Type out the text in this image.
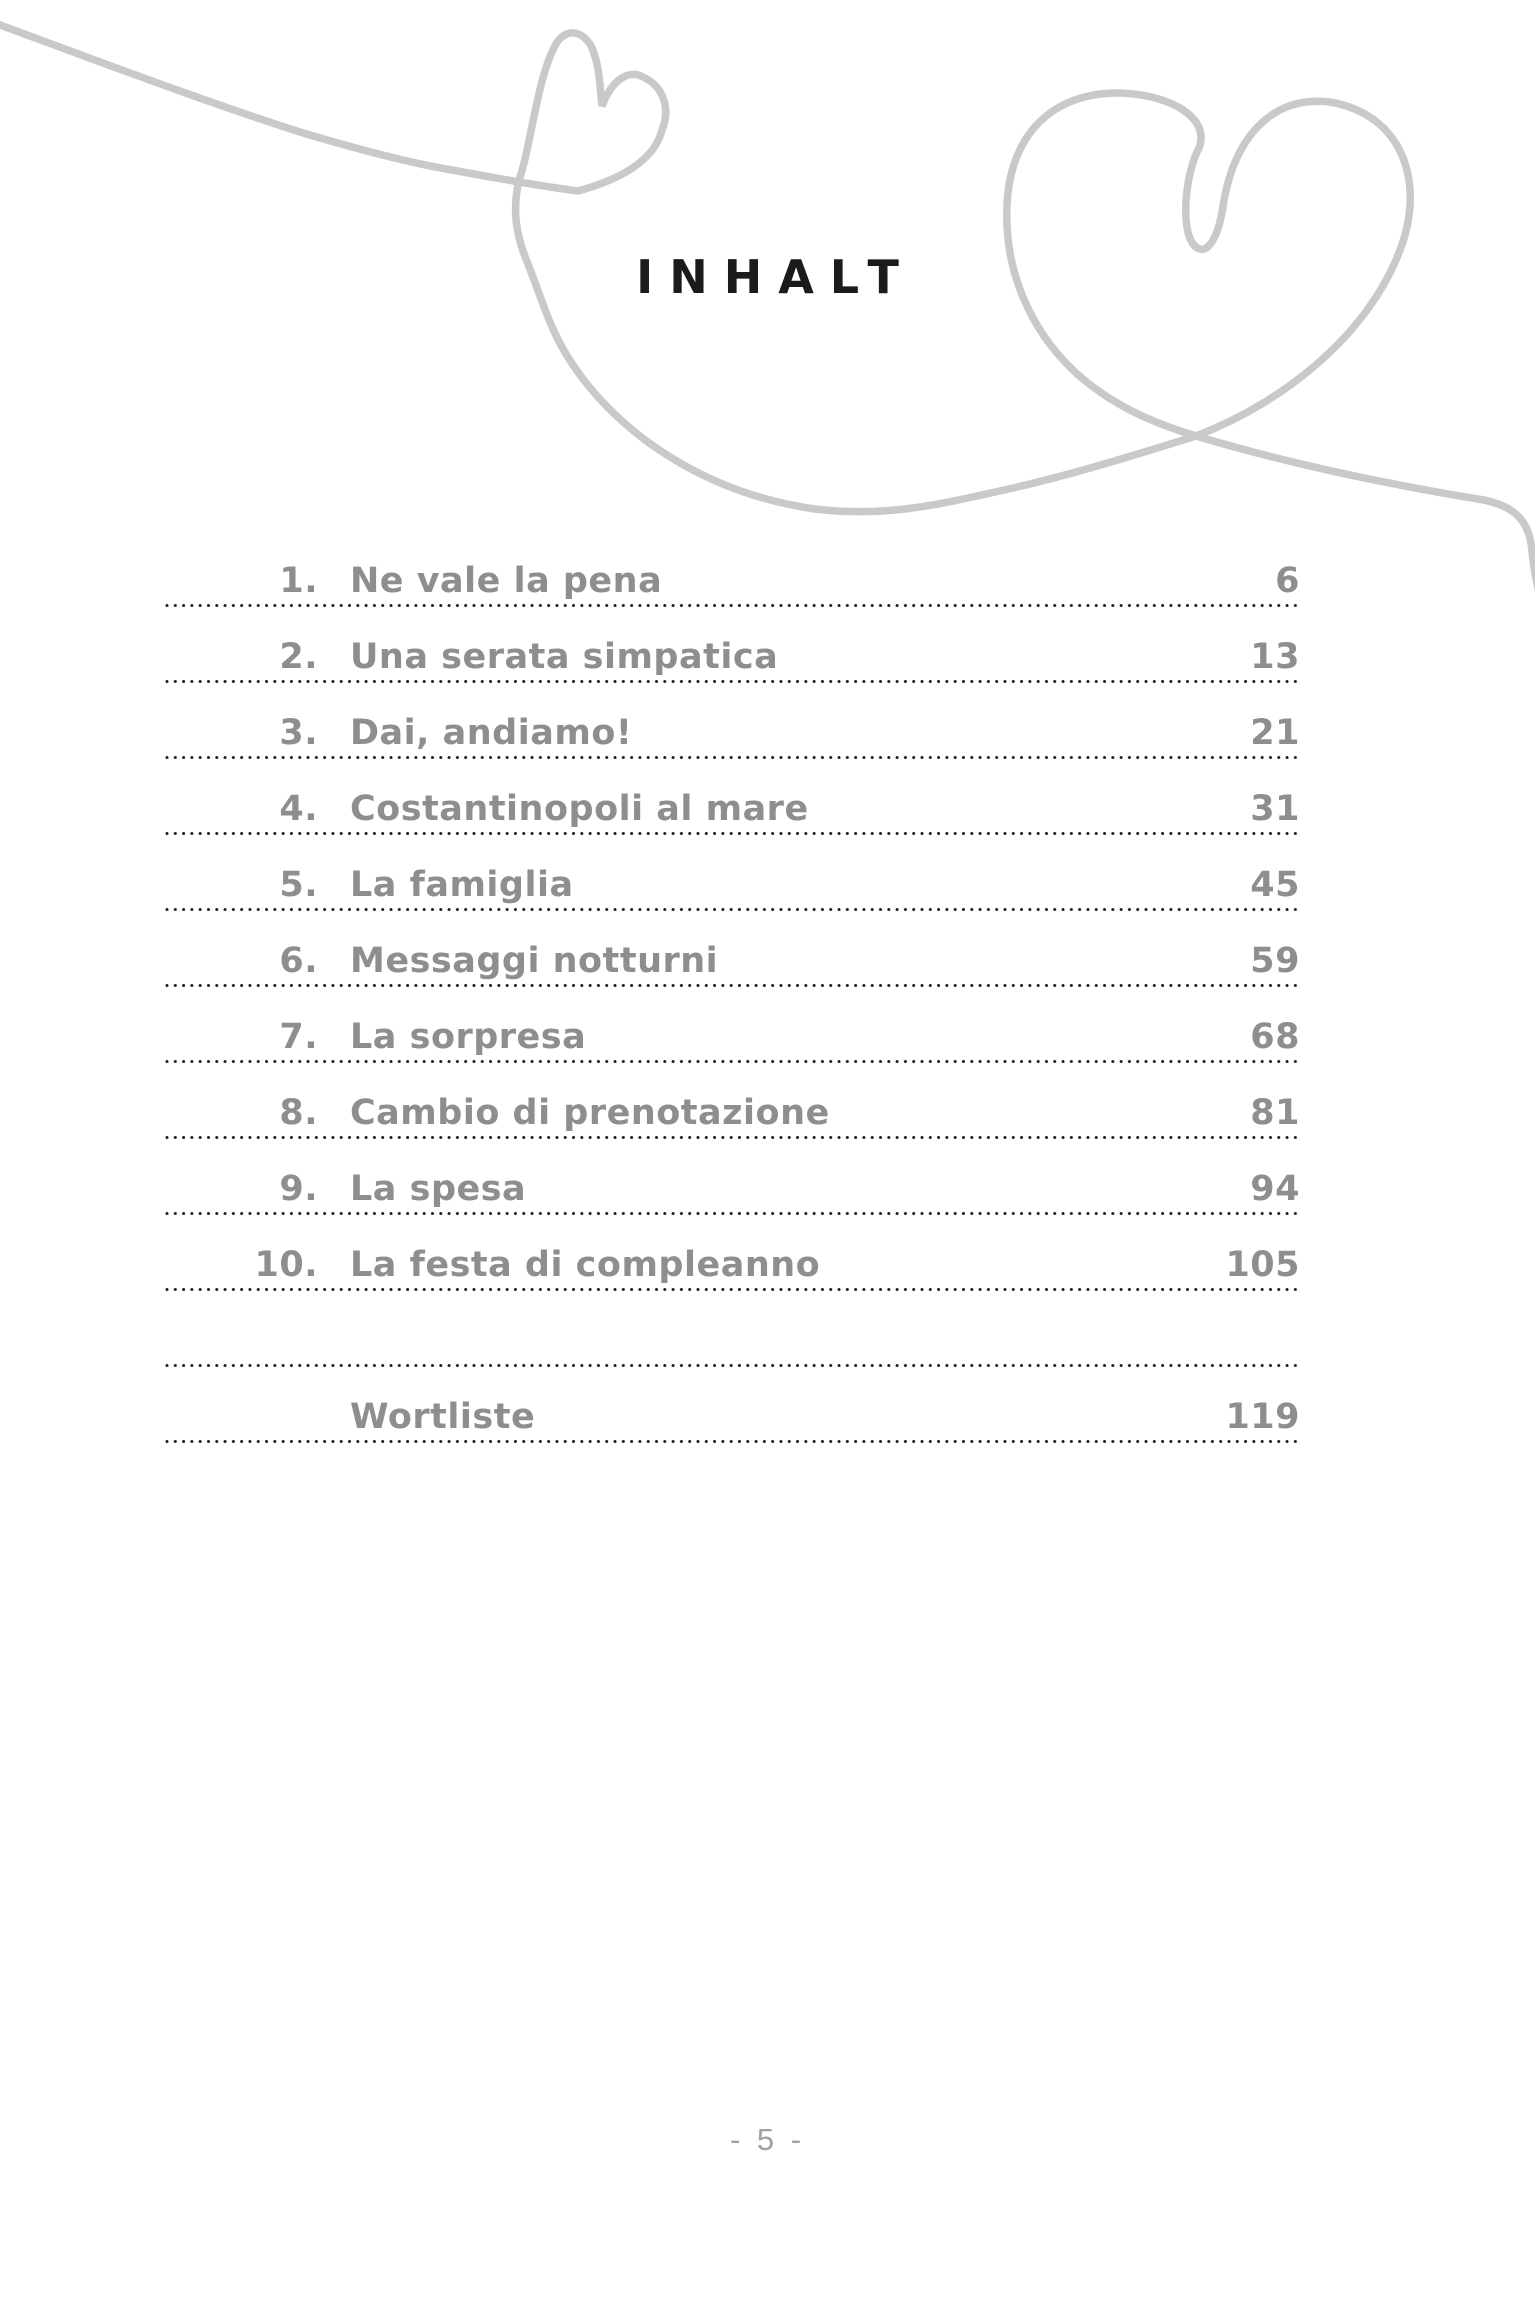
INHALT
1. Ne vale la pena	6
2. Una serata simpatica	13
3. Dai, andiamo!	21
4. Costantinopoli al mare	31
5. La famiglia	45
6. Messaggi notturni	59
7. La sorpresa	68
8. Cambio di prenotazione	81
9. La spesa	94
10. La festa di compleanno	105
Wortliste	119
- 5 -
